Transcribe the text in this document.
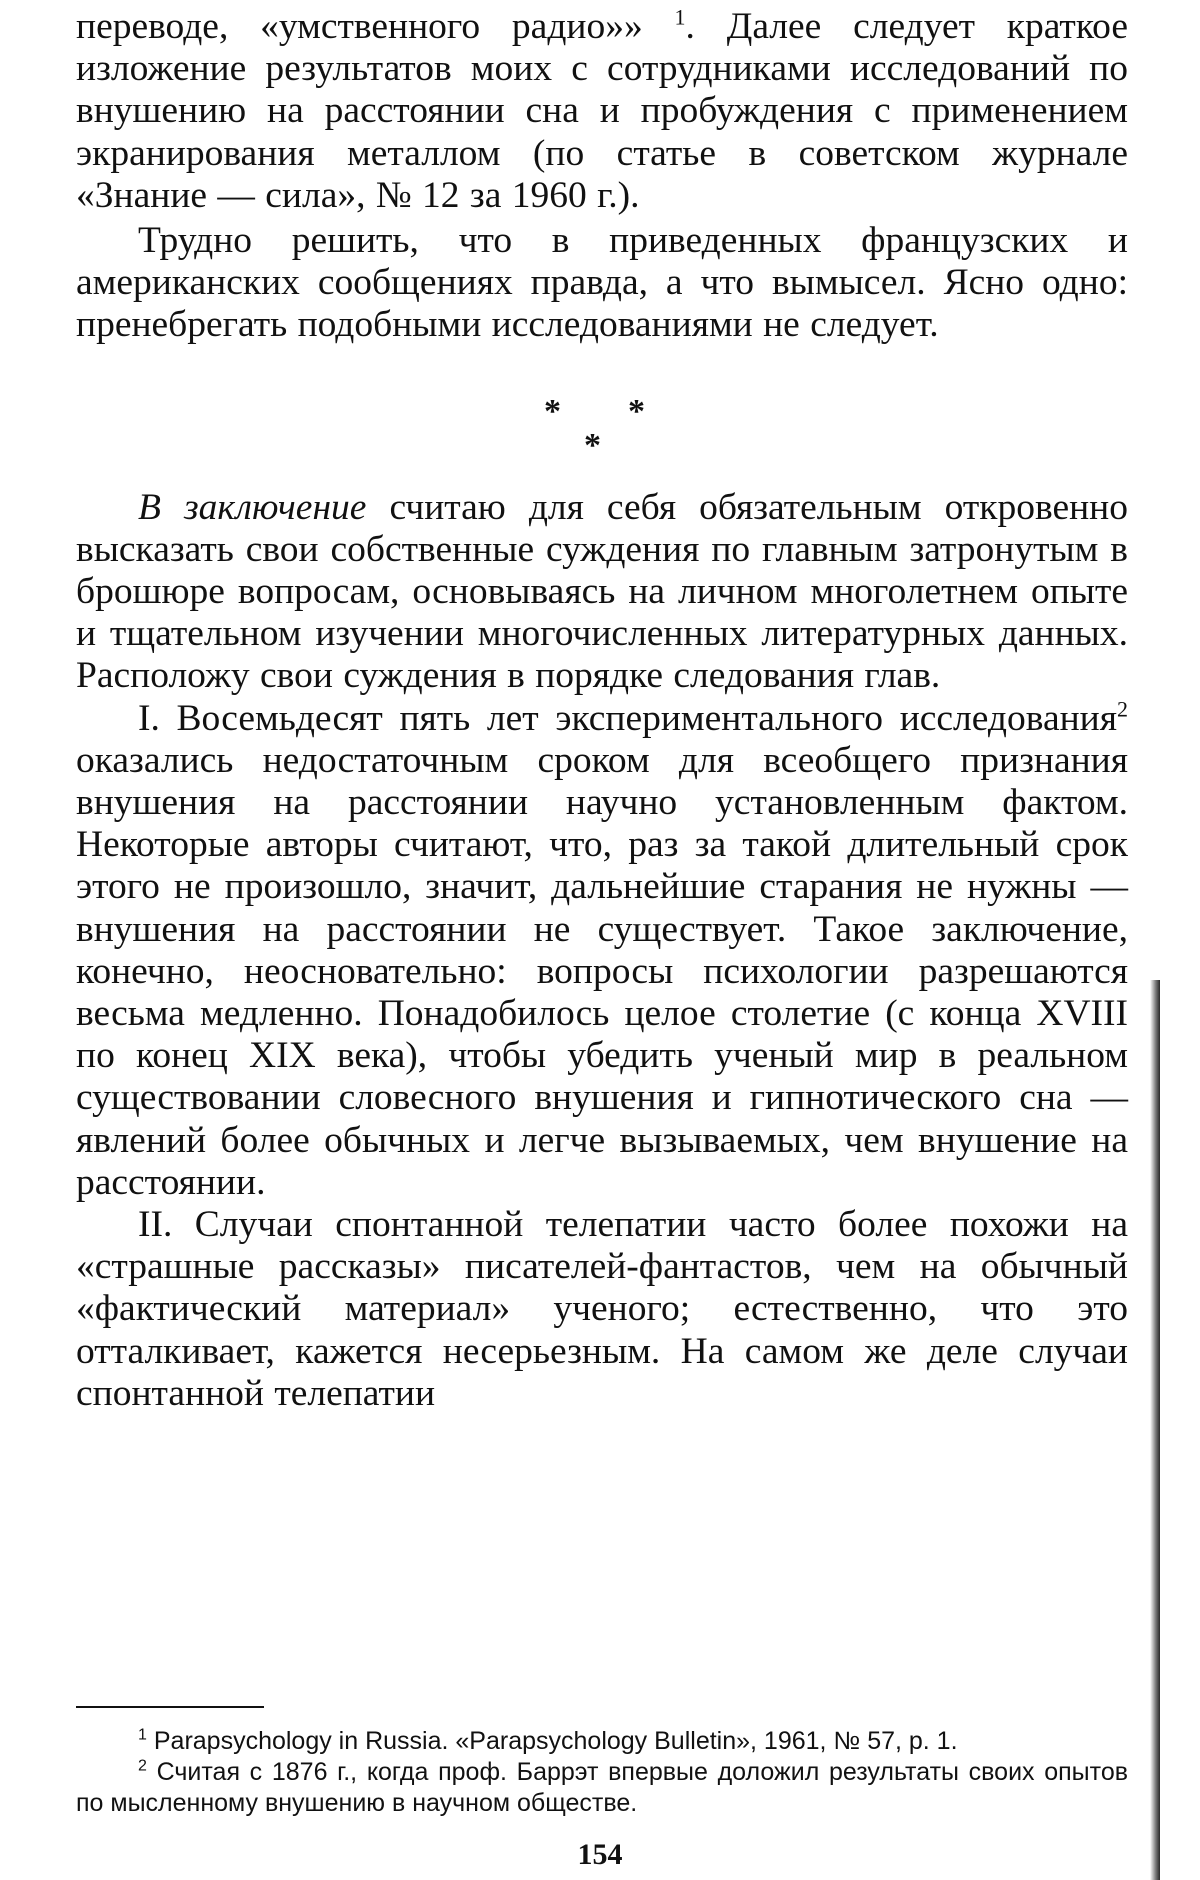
переводе, «умственного радио»» $^1$. Далее следует краткое изложение результатов моих с сотрудниками исследований по внушению на расстоянии сна и пробуждения с применением экранирования металлом (по статье в советском журнале «Знание — сила», № 12 за 1960 г.).

Трудно решить, что в приведенных французских и американских сообщениях правда, а что вымысел. Ясно одно: пренебрегать подобными исследованиями не следует.

* *
*

В заключение считаю для себя обязательным откровенно высказать свои собственные суждения по главным затронутым в брошюре вопросам, основываясь на личном многолетнем опыте и тщательном изучении многочисленных литературных данных. Расположу свои суждения в порядке следования глав.

I. Восемьдесят пять лет экспериментального исследования$^2$ оказались недостаточным сроком для всеобщего признания внушения на расстоянии научно установленным фактом. Некоторые авторы считают, что, раз за такой длительный срок этого не произошло, значит, дальнейшие старания не нужны — внушения на расстоянии не существует. Такое заключение, конечно, неосновательно: вопросы психологии разрешаются весьма медленно. Понадобилось целое столетие (с конца XVIII по конец XIX века), чтобы убедить ученый мир в реальном существовании словесного внушения и гипнотического сна — явлений более обычных и легче вызываемых, чем внушение на расстоянии.

II. Случаи спонтанной телепатии часто более похожи на «страшные рассказы» писателей-фантастов, чем на обычный «фактический материал» ученого; естественно, что это отталкивает, кажется несерьезным. На самом же деле случаи спонтанной телепатии

$^1$ Parapsychology in Russia. «Parapsychology Bulletin», 1961, № 57, p. 1.

$^2$ Считая с 1876 г., когда проф. Баррэт впервые доложил результаты своих опытов по мысленному внушению в научном обществе.

154
